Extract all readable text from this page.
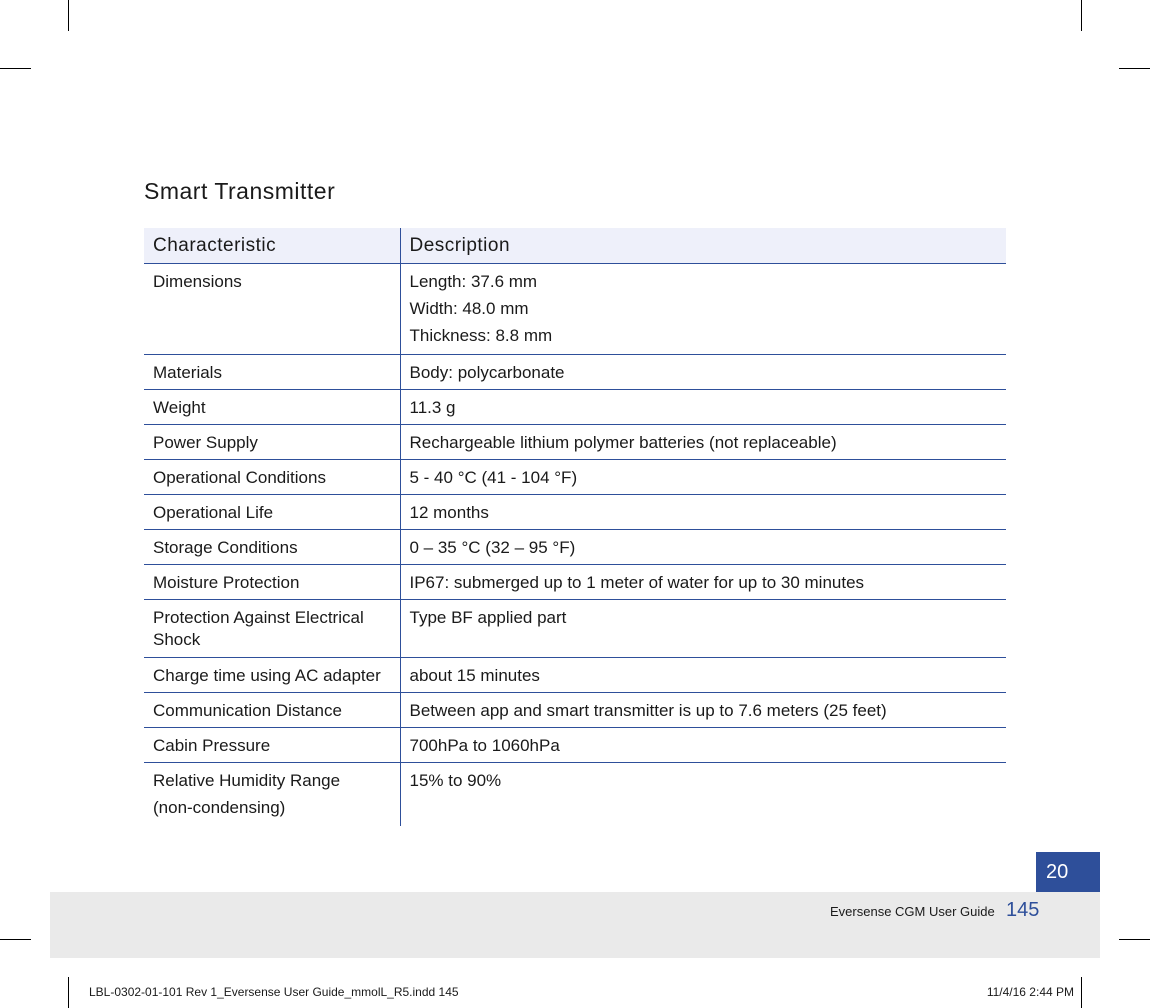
Smart Transmitter
Characteristic	Description

Dimensions	Length: 37.6 mm
Width: 48.0 mm
Thickness: 8.8 mm

Materials	Body: polycarbonate
Weight	11.3 g
Power Supply	Rechargeable lithium polymer batteries (not replaceable)
Operational Conditions	5 - 40 °C (41 - 104 °F)
Operational Life	12 months
Storage Conditions	0 – 35 °C (32 – 95 °F)
Moisture Protection	IP67: submerged up to 1 meter of water for up to 30 minutes
Protection Against Electrical Shock	Type BF applied part
Charge time using AC adapter	about 15 minutes
Communication Distance	Between app and smart transmitter is up to 7.6 meters (25 feet)
Cabin Pressure	700hPa to 1060hPa

Relative Humidity Range
(non-condensing)	15% to 90%
20
Eversense CGM User Guide 145
LBL-0302-01-101 Rev 1_Eversense User Guide_mmolL_R5.indd 145	11/4/16 2:44 PM
